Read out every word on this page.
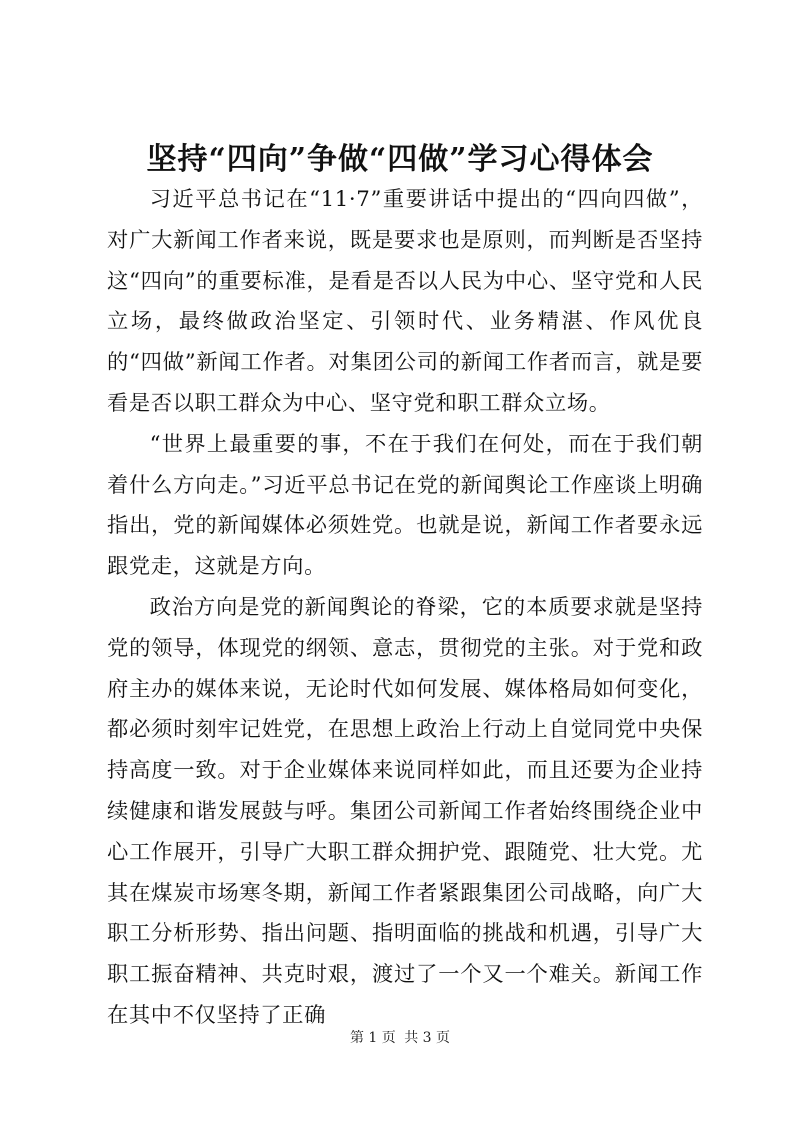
坚持“四向”争做“四做”学习心得体会

习近平总书记在“11·7”重要讲话中提出的“四向四做”，对广大新闻工作者来说，既是要求也是原则，而判断是否坚持这“四向”的重要标准，是看是否以人民为中心、坚守党和人民立场，最终做政治坚定、引领时代、业务精湛、作风优良的“四做”新闻工作者。对集团公司的新闻工作者而言，就是要看是否以职工群众为中心、坚守党和职工群众立场。

“世界上最重要的事，不在于我们在何处，而在于我们朝着什么方向走。”习近平总书记在党的新闻舆论工作座谈上明确指出，党的新闻媒体必须姓党。也就是说，新闻工作者要永远跟党走，这就是方向。

政治方向是党的新闻舆论的脊梁，它的本质要求就是坚持党的领导，体现党的纲领、意志，贯彻党的主张。对于党和政府主办的媒体来说，无论时代如何发展、媒体格局如何变化，都必须时刻牢记姓党，在思想上政治上行动上自觉同党中央保持高度一致。对于企业媒体来说同样如此，而且还要为企业持续健康和谐发展鼓与呼。集团公司新闻工作者始终围绕企业中心工作展开，引导广大职工群众拥护党、跟随党、壮大党。尤其在煤炭市场寒冬期，新闻工作者紧跟集团公司战略，向广大职工分析形势、指出问题、指明面临的挑战和机遇，引导广大职工振奋精神、共克时艰，渡过了一个又一个难关。新闻工作在其中不仅坚持了正确

第 1 页 共 3 页
